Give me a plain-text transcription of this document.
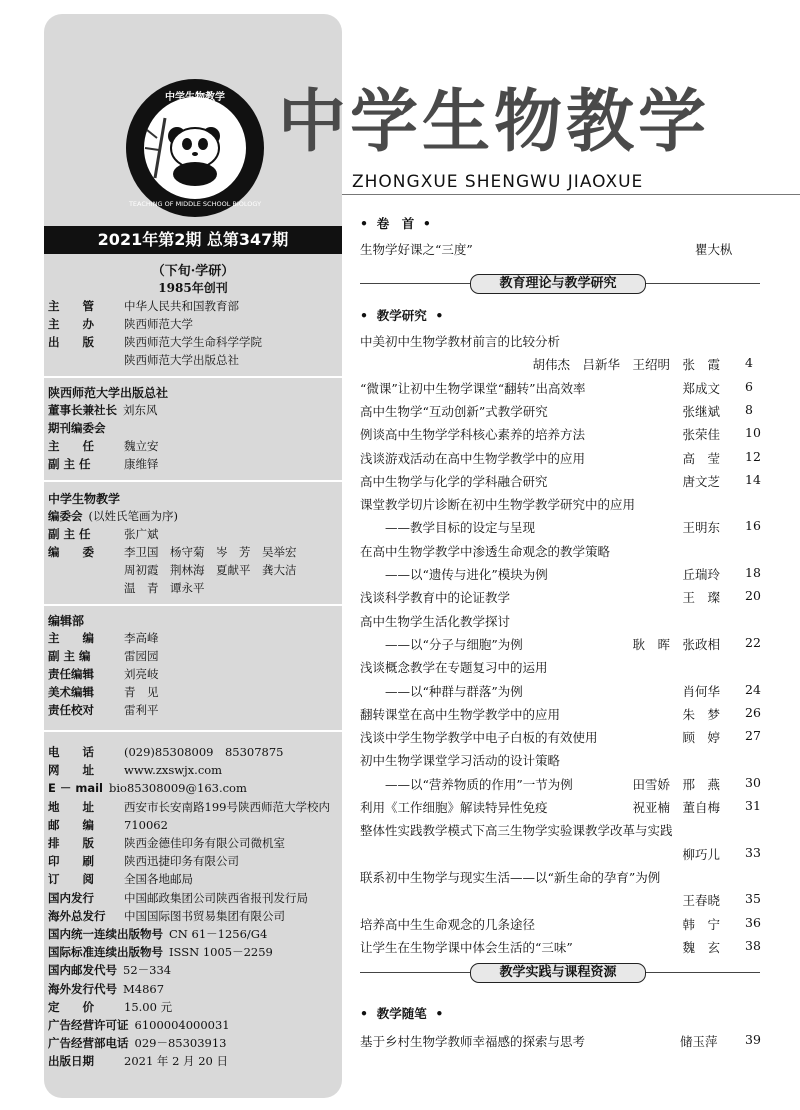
中学生物教学
TEACHING OF MIDDLE SCHOOL BIOLOGY
中学生物教学
ZHONGXUE SHENGWU JIAOXUE
2021年第2期 总第347期
（下旬·学研）
1985年创刊
主　　管	中华人民共和国教育部
主　　办	陕西师范大学
出　　版	陕西师范大学生命科学学院
陕西师范大学出版总社
陕西师范大学出版总社
董事长兼社长 刘东风
期刊编委会
主　　任	魏立安
副 主 任	康维铎
中学生物教学
编委会 (以姓氏笔画为序)
副 主 任	张广斌
编　　委	李卫国　杨守菊　岑　芳　吴举宏
周初霞　荆林海　夏献平　龚大洁
温　青　谭永平
编辑部
主　　编	李高峰
副 主 编	雷园园
责任编辑	刘亮岐
美术编辑	青　见
责任校对	雷利平
电　　话	(029)85308009　85307875
网　　址	www.zxswjx.com
E － mail bio85308009@163.com
地　　址	西安市长安南路199号陕西师范大学校内
邮　　编	710062
排　　版	陕西金德佳印务有限公司微机室
印　　刷	陕西迅捷印务有限公司
订　　阅	全国各地邮局
国内发行	中国邮政集团公司陕西省报刊发行局
海外总发行 中国国际图书贸易集团有限公司
国内统一连续出版物号 CN 61－1256/G4
国际标准连续出版物号 ISSN 1005－2259
国内邮发代号 52－334
海外发行代号 M4867
定　　价	15.00 元
广告经营许可证 6100004000031
广告经营部电话 029－85303913
出版日期	2021 年 2 月 20 日
•  卷　首  •
生物学好课之“三度”	瞿大枞
教育理论与教学研究
•  教学研究  •
中美初中生物学教材前言的比较分析
胡伟杰　吕新华　王绍明　张　霞 4
“微课”让初中生物学课堂“翻转”出高效率	郑成文 6
高中生物学“互动创新”式教学研究	张继斌 8
例谈高中生物学学科核心素养的培养方法	张荣佳 10
浅谈游戏活动在高中生物学教学中的应用	高　莹 12
高中生物学与化学的学科融合研究	唐文芝 14
课堂教学切片诊断在初中生物学教学研究中的应用
　　——教学目标的设定与呈现	王明东 16
在高中生物学教学中渗透生命观念的教学策略
　　——以“遗传与进化”模块为例	丘瑞玲 18
浅谈科学教育中的论证教学	王　璨 20
高中生物学生活化教学探讨
　　——以“分子与细胞”为例	耿　晖　张政相 22
浅谈概念教学在专题复习中的运用
　　——以“种群与群落”为例	肖何华 24
翻转课堂在高中生物学教学中的应用	朱　梦 26
浅谈中学生物学教学中电子白板的有效使用	顾　婷 27
初中生物学课堂学习活动的设计策略
　　——以“营养物质的作用”一节为例	田雪娇　邢　燕 30
利用《工作细胞》解读特异性免疫	祝亚楠　董自梅 31
整体性实践教学模式下高三生物学实验课教学改革与实践
柳巧儿 33
联系初中生物学与现实生活——以“新生命的孕育”为例
王春晓 35
培养高中生生命观念的几条途径	韩　宁 36
让学生在生物学课中体会生活的“三味”	魏　玄 38
教学实践与课程资源
•  教学随笔  •
基于乡村生物学教师幸福感的探索与思考	储玉萍 39
